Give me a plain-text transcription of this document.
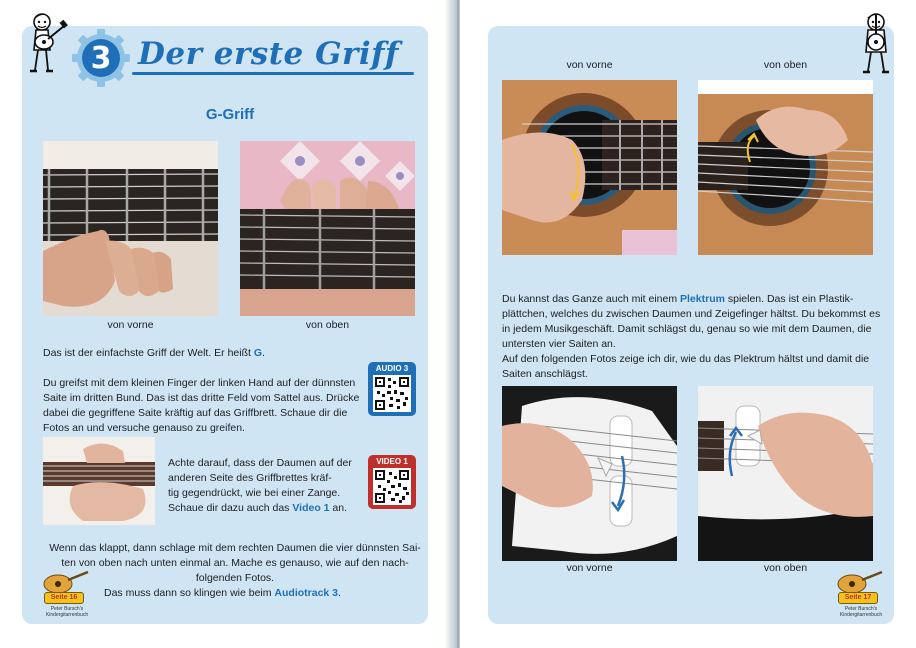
3 Der erste Griff
G-Griff
von vorne	von oben
Das ist der einfachste Griff der Welt. Er heißt G.
Du greifst mit dem kleinen Finger der linken Hand auf der dünnsten
Saite im dritten Bund. Das ist das dritte Feld vom Sattel aus. Drücke
dabei die gegriffene Saite kräftig auf das Griffbrett. Schaue dir die
Fotos an und versuche genauso zu greifen.
AUDIO 3
Achte darauf, dass der Daumen auf der
anderen Seite des Griffbrettes kräf-
tig gegendrückt, wie bei einer Zange.
Schaue dir dazu auch das Video 1 an.
VIDEO 1
Wenn das klappt, dann schlage mit dem rechten Daumen die vier dünnsten Sai-
ten von oben nach unten einmal an. Mache es genauso, wie auf den nach-
folgenden Fotos.
Das muss dann so klingen wie beim Audiotrack 3.
Seite 16
Peter Bursch's
Kindergitarrenbuch
von vorne	von oben
Du kannst das Ganze auch mit einem Plektrum spielen. Das ist ein Plastik-
plättchen, welches du zwischen Daumen und Zeigefinger hältst. Du bekommst es
in jedem Musikgeschäft. Damit schlägst du, genau so wie mit dem Daumen, die
untersten vier Saiten an.
Auf den folgenden Fotos zeige ich dir, wie du das Plektrum hältst und damit die
Saiten anschlägst.
von vorne	von oben
Seite 17
Peter Bursch's
Kindergitarrenbuch
